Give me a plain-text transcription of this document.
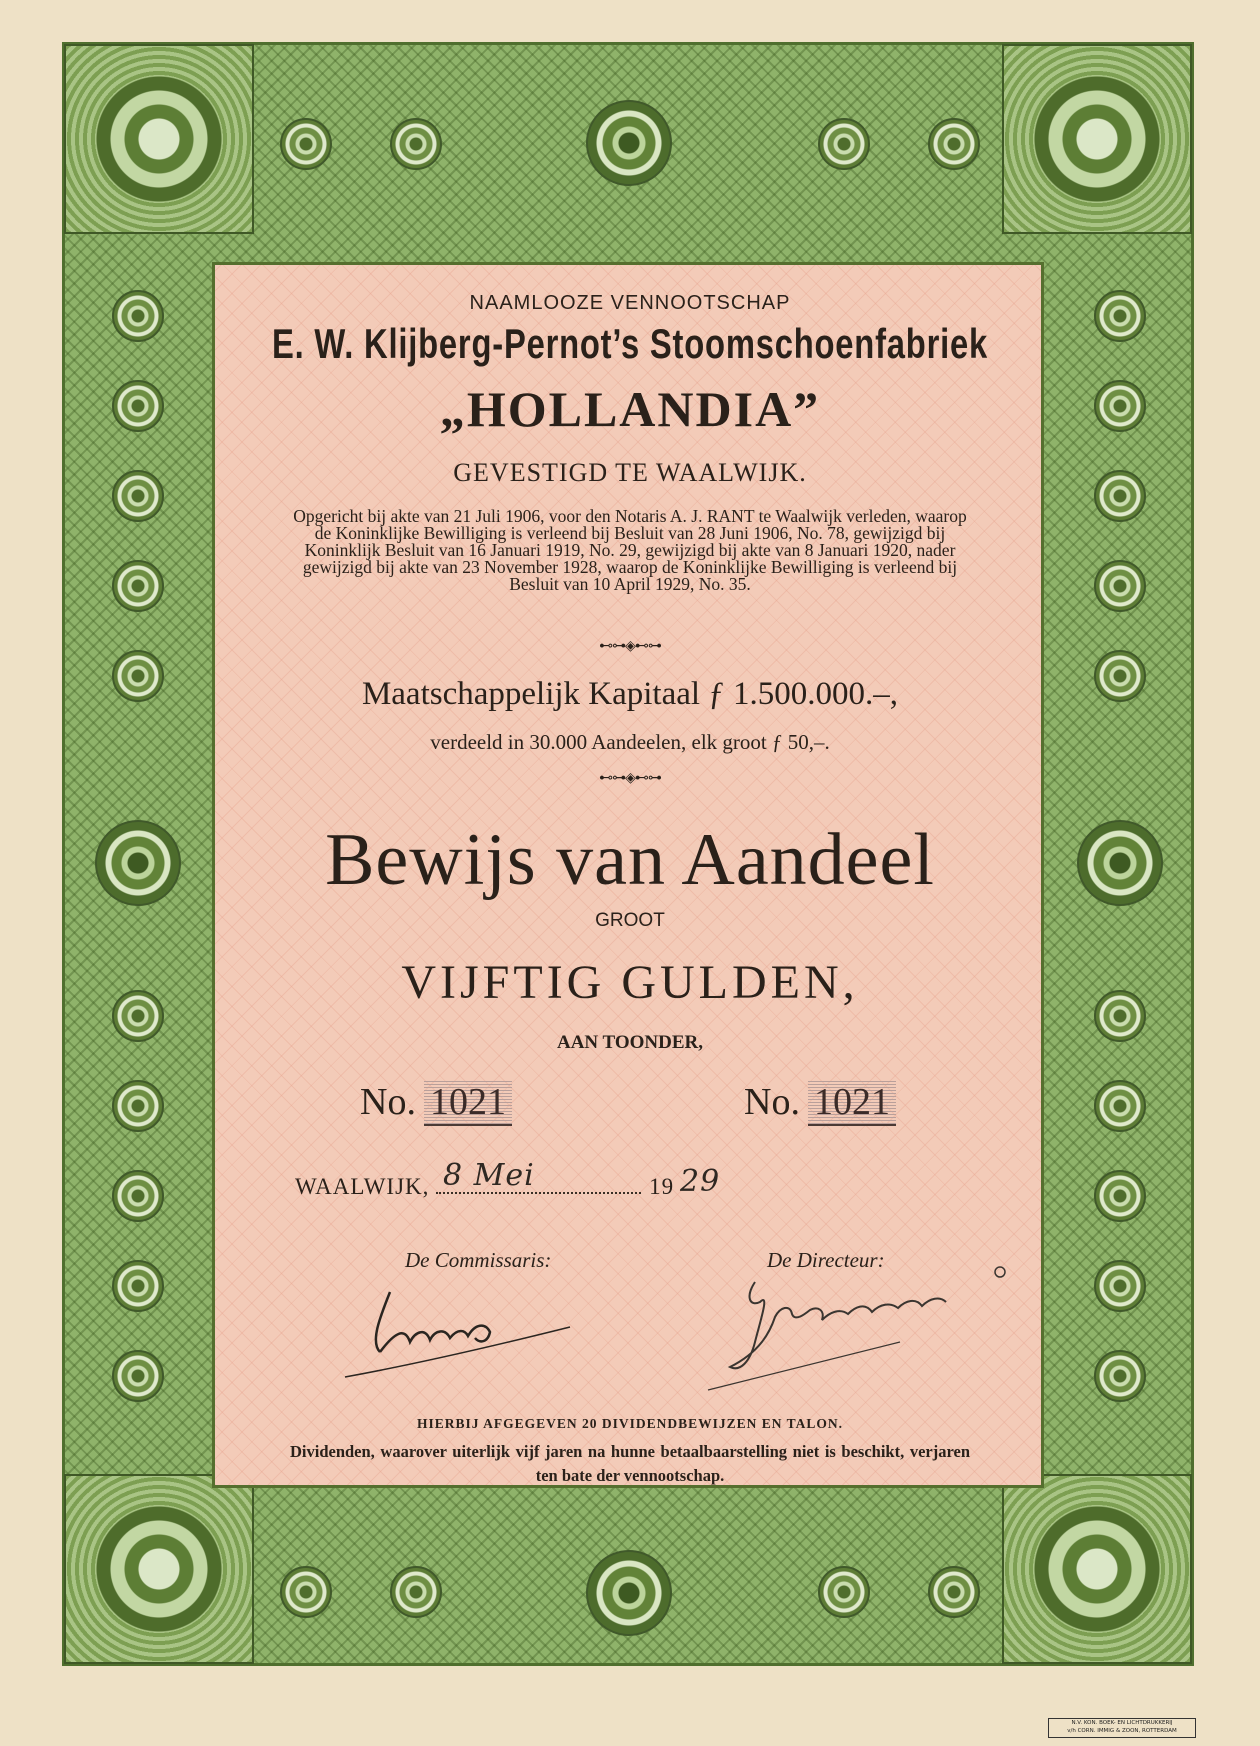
NAAMLOOZE VENNOOTSCHAP
E. W. Klijberg-Pernot’s Stoomschoenfabriek
„HOLLANDIA”
GEVESTIGD TE WAALWIJK.
Opgericht bij akte van 21 Juli 1906, voor den Notaris A. J. RANT te Waalwijk verleden, waarop de Koninklijke Bewilliging is verleend bij Besluit van 28 Juni 1906, No. 78, gewijzigd bij Koninklijk Besluit van 16 Januari 1919, No. 29, gewijzigd bij akte van 8 Januari 1920, nader gewijzigd bij akte van 23 November 1928, waarop de Koninklijke Bewilliging is verleend bij Besluit van 10 April 1929, No. 35.
⊷⊶◈⊷⊶
Maatschappelijk Kapitaal ƒ 1.500.000.–,
verdeeld in 30.000 Aandeelen, elk groot ƒ 50,–.
⊷⊶◈⊷⊶
Bewijs van Aandeel
GROOT
VIJFTIG GULDEN,
AAN TOONDER,
No. 1021	No. 1021
WAALWIJK,	19
8 Mei	29
De Commissaris:	De Directeur:
HIERBIJ AFGEGEVEN 20 DIVIDENDBEWIJZEN EN TALON.
Dividenden, waarover uiterlijk vijf jaren na hunne betaalbaarstelling niet is beschikt, verjaren ten bate der vennootschap.
N.V. KON. BOEK- EN LICHTDRUKKERIJ
v/h CORN. IMMIG & ZOON, ROTTERDAM
